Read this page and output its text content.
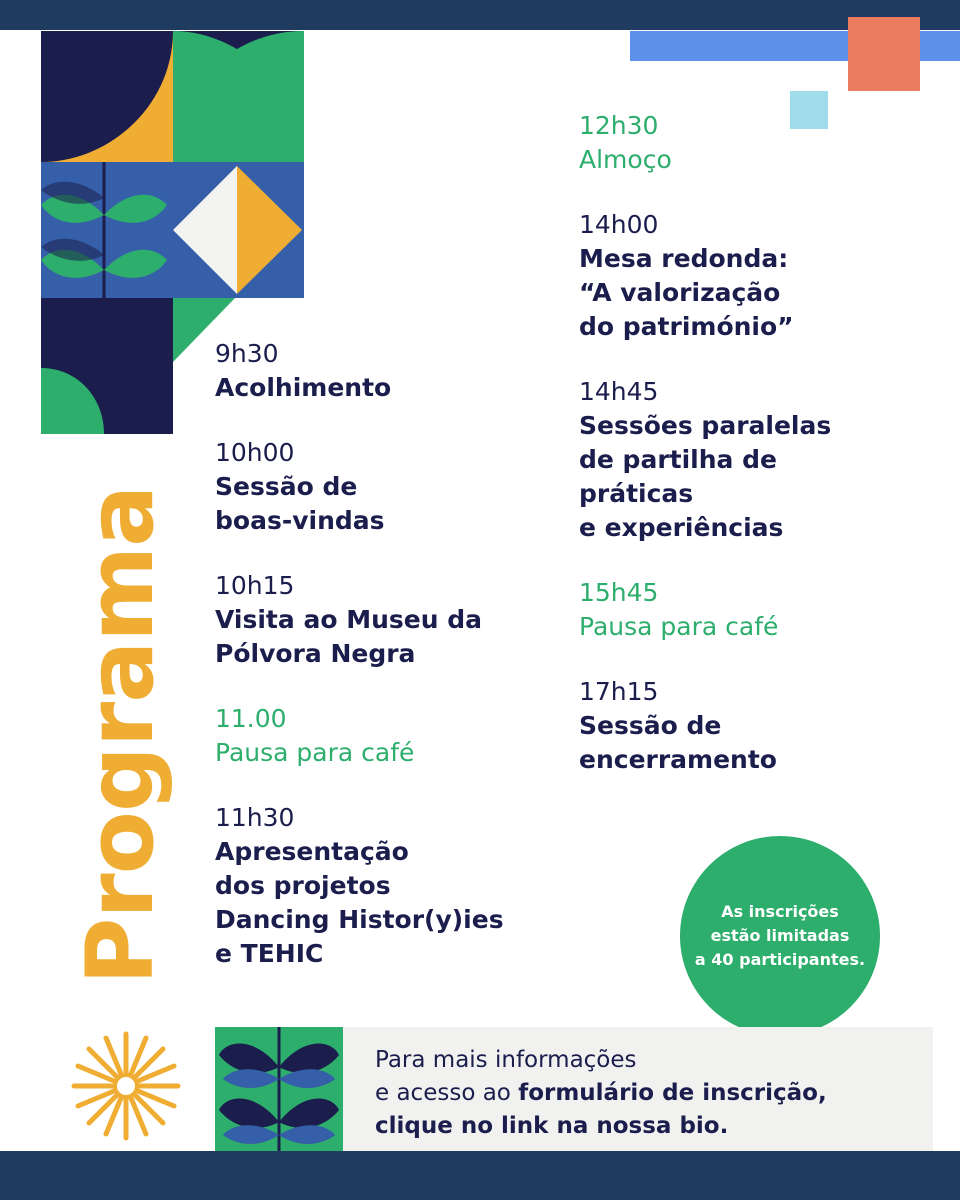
Programa
9h30
Acolhimento
10h00
Sessão de
boas-vindas
10h15
Visita ao Museu da
Pólvora Negra
11.00
Pausa para café
11h30
Apresentação
dos projetos
Dancing Histor(y)ies
e TEHIC
12h30
Almoço
14h00
Mesa redonda:
“A valorização
do património”
14h45
Sessões paralelas
de partilha de
práticas
e experiências
15h45
Pausa para café
17h15
Sessão de
encerramento
As inscrições
estão limitadas
a 40 participantes.
Para mais informações
e acesso ao formulário de inscrição,
clique no link na nossa bio.
